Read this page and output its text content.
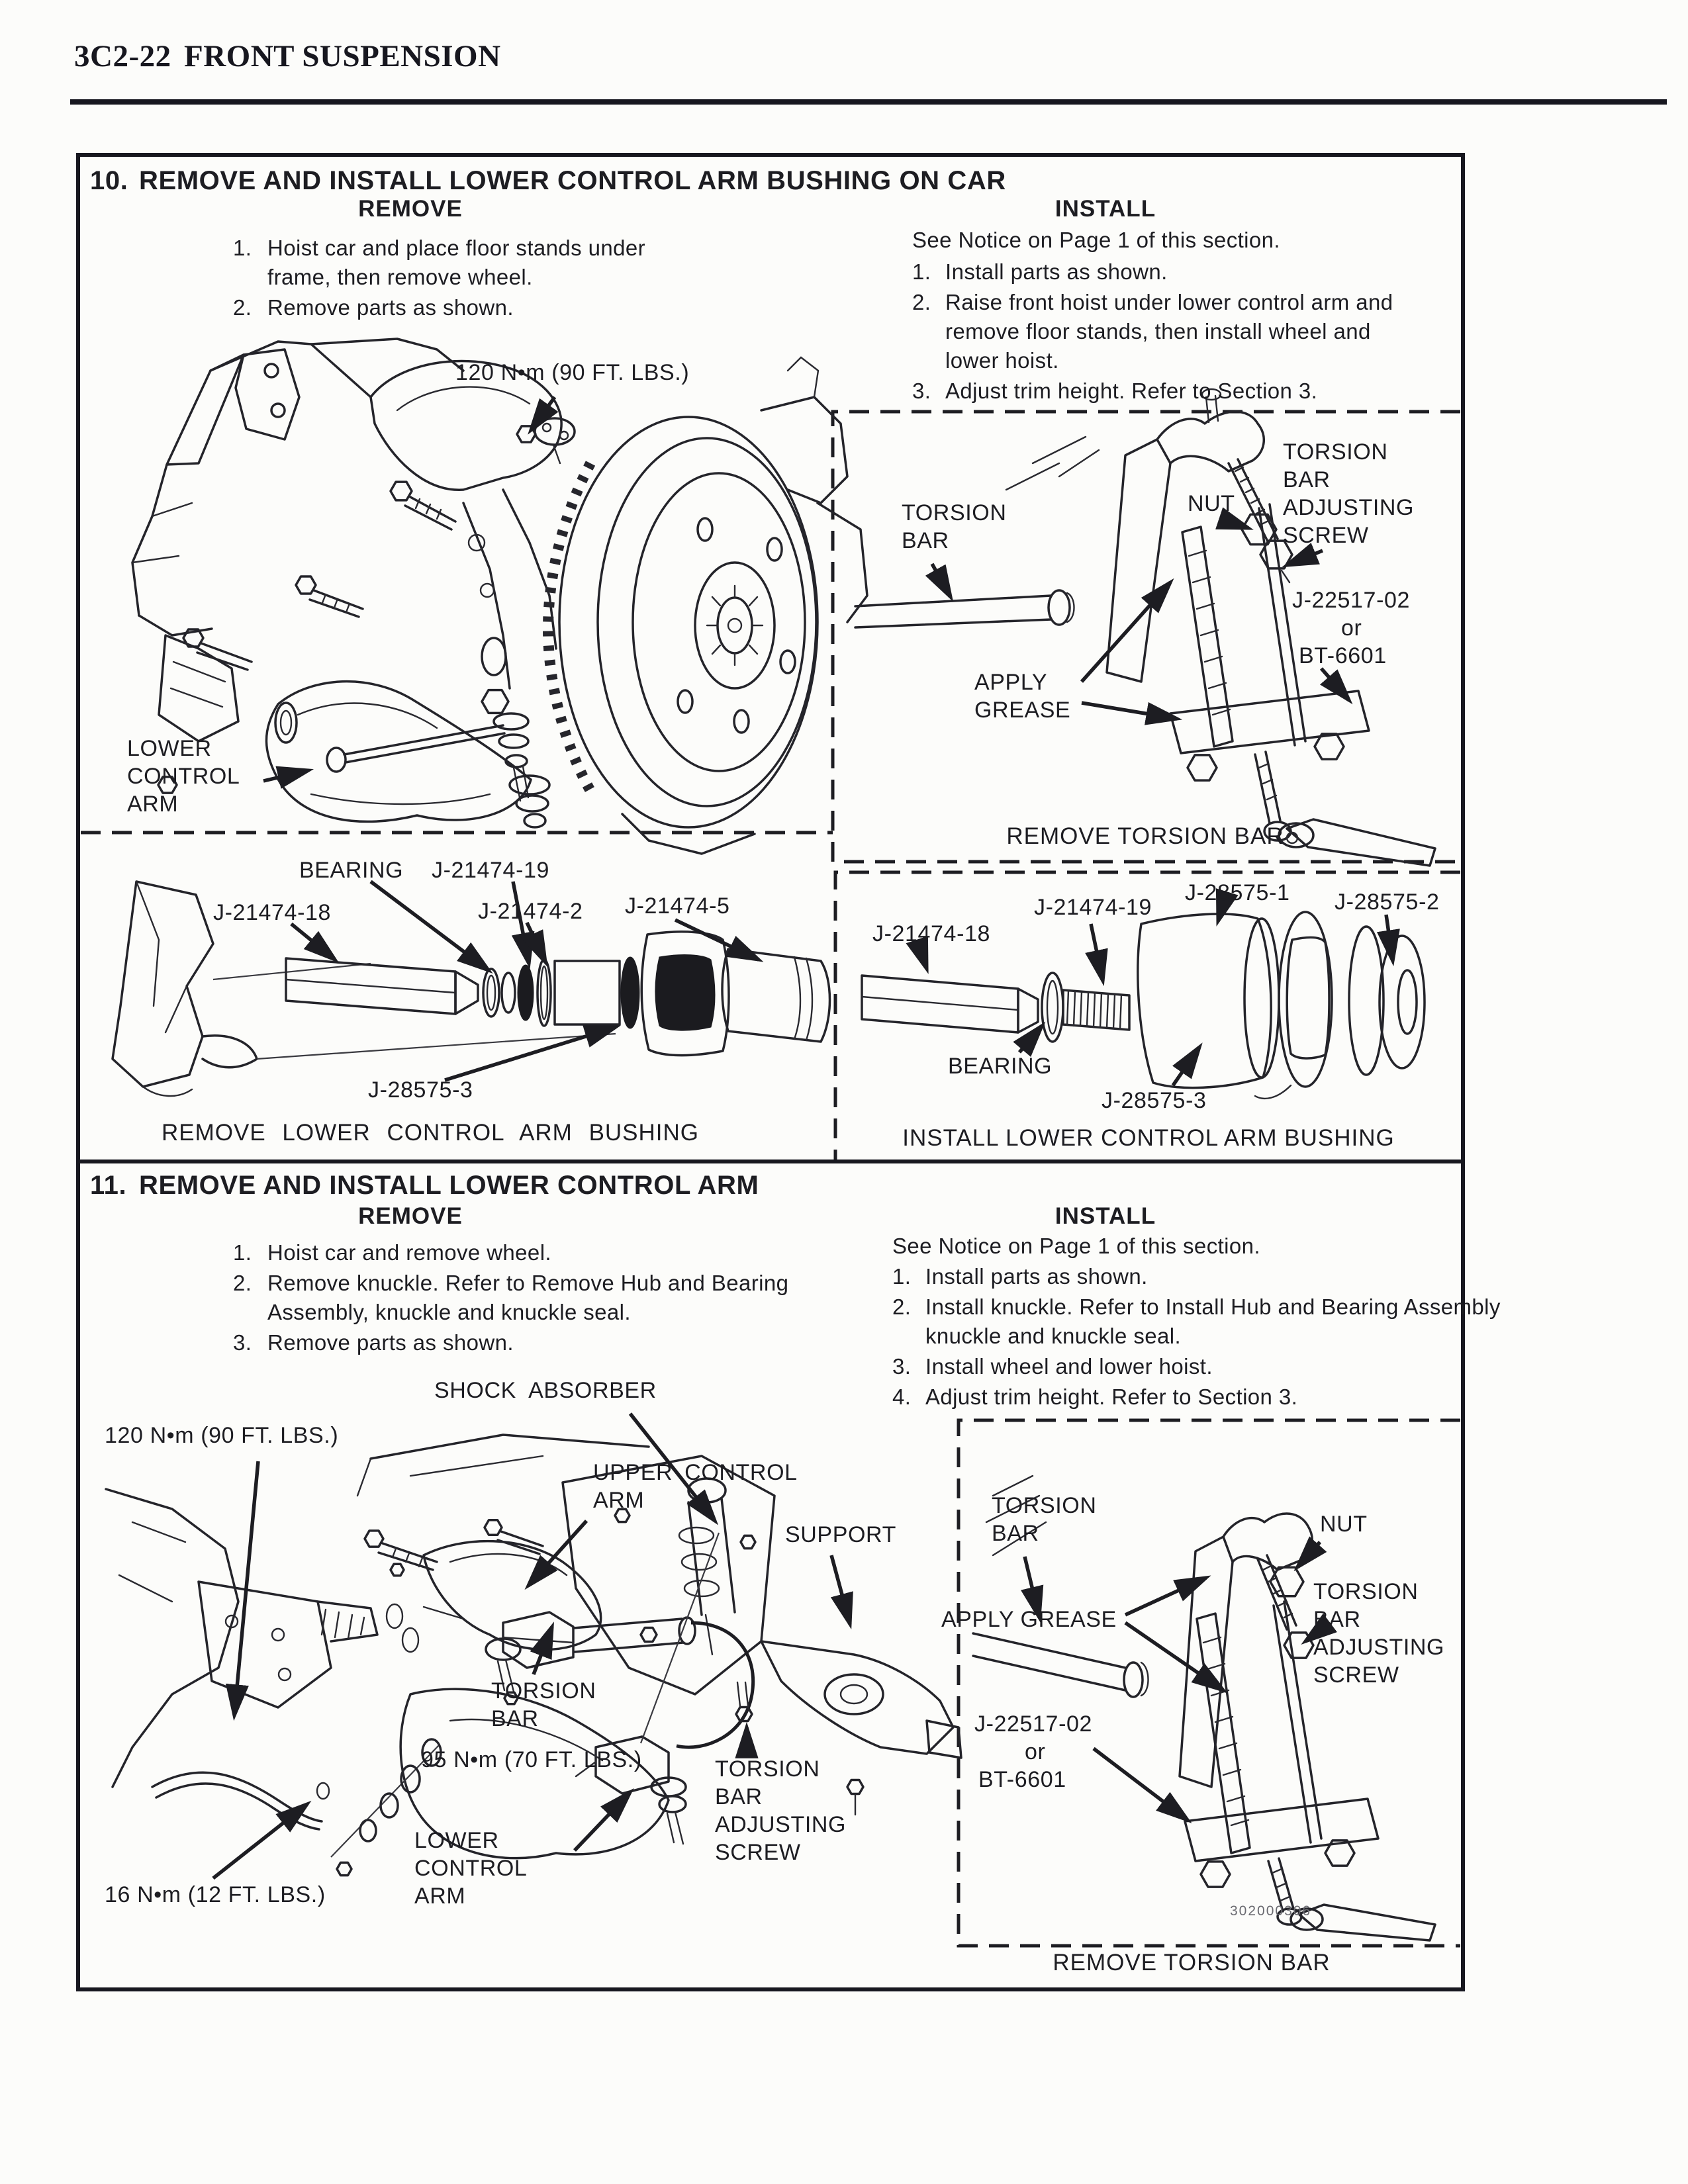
3C2-22 FRONT SUSPENSION
10. REMOVE AND INSTALL LOWER CONTROL ARM BUSHING ON CAR
REMOVE
1. Hoist car and place floor stands under
frame, then remove wheel.
2. Remove parts as shown.
INSTALL
See Notice on Page 1 of this section.
1. Install parts as shown.
2. Raise front hoist under lower control arm and
remove floor stands, then install wheel and
lower hoist.
3. Adjust trim height. Refer to Section 3.
120 N•m (90 FT. LBS.)
LOWER
CONTROL
ARM
TORSION
BAR
NUT
TORSION
BAR
ADJUSTING
SCREW
J-22517-02
or
BT-6601
APPLY
GREASE
REMOVE TORSION BAR
BEARING J-21474-19
J-21474-18	J-21474-2 J-21474-5
J-28575-3
REMOVE LOWER CONTROL ARM BUSHING
J-21474-18
J-21474-19
J-28575-1 J-28575-2
BEARING
J-28575-3
INSTALL LOWER CONTROL ARM BUSHING
11. REMOVE AND INSTALL LOWER CONTROL ARM
REMOVE
1. Hoist car and remove wheel.
2. Remove knuckle. Refer to Remove Hub and Bearing
Assembly, knuckle and knuckle seal.
3. Remove parts as shown.
INSTALL
See Notice on Page 1 of this section.
1. Install parts as shown.
2. Install knuckle. Refer to Install Hub and Bearing Assembly
knuckle and knuckle seal.
3. Install wheel and lower hoist.
4. Adjust trim height. Refer to Section 3.
SHOCK ABSORBER
120 N•m (90 FT. LBS.)
UPPER CONTROL
ARM
SUPPORT
TORSION
BAR
95 N•m (70 FT. LBS.)	TORSION
BAR
ADJUSTING
SCREW
16 N•m (12 FT. LBS.)
LOWER
CONTROL
ARM
TORSION
BAR	NUT
TORSION
BAR
ADJUSTING
SCREW
APPLY GREASE
J-22517-02
or
BT-6601
302000306
REMOVE TORSION BAR
